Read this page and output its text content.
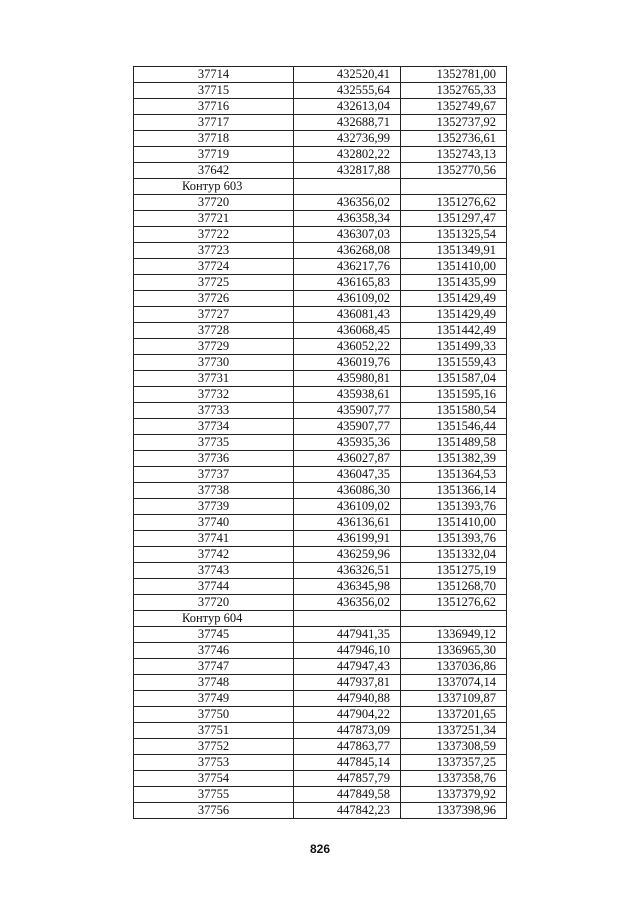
37714	432520,41	1352781,00
37715	432555,64	1352765,33
37716	432613,04	1352749,67
37717	432688,71	1352737,92
37718	432736,99	1352736,61
37719	432802,22	1352743,13
37642	432817,88	1352770,56
Контур 603		
37720	436356,02	1351276,62
37721	436358,34	1351297,47
37722	436307,03	1351325,54
37723	436268,08	1351349,91
37724	436217,76	1351410,00
37725	436165,83	1351435,99
37726	436109,02	1351429,49
37727	436081,43	1351429,49
37728	436068,45	1351442,49
37729	436052,22	1351499,33
37730	436019,76	1351559,43
37731	435980,81	1351587,04
37732	435938,61	1351595,16
37733	435907,77	1351580,54
37734	435907,77	1351546,44
37735	435935,36	1351489,58
37736	436027,87	1351382,39
37737	436047,35	1351364,53
37738	436086,30	1351366,14
37739	436109,02	1351393,76
37740	436136,61	1351410,00
37741	436199,91	1351393,76
37742	436259,96	1351332,04
37743	436326,51	1351275,19
37744	436345,98	1351268,70
37720	436356,02	1351276,62
Контур 604		
37745	447941,35	1336949,12
37746	447946,10	1336965,30
37747	447947,43	1337036,86
37748	447937,81	1337074,14
37749	447940,88	1337109,87
37750	447904,22	1337201,65
37751	447873,09	1337251,34
37752	447863,77	1337308,59
37753	447845,14	1337357,25
37754	447857,79	1337358,76
37755	447849,58	1337379,92
37756	447842,23	1337398,96
826
